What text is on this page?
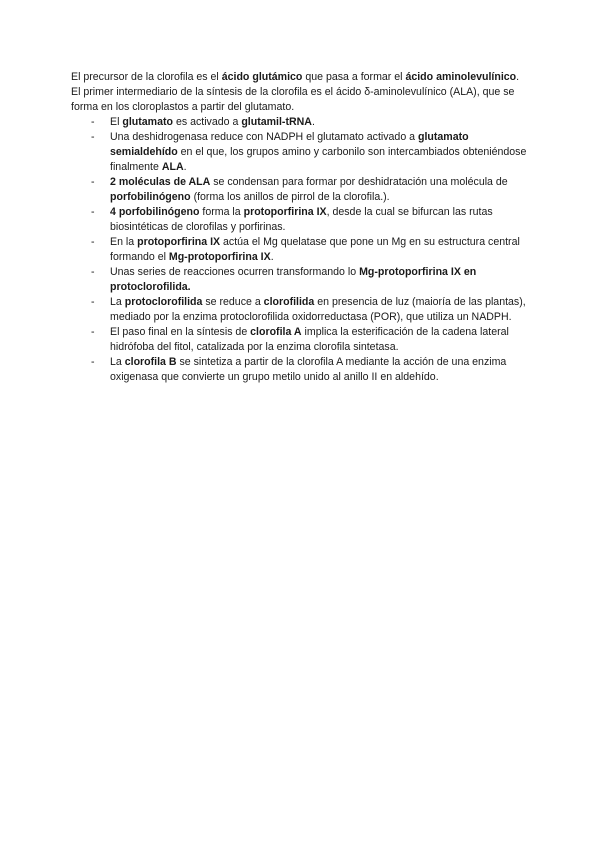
El precursor de la clorofila es el ácido glutámico que pasa a formar el ácido aminolevulínico. El primer intermediario de la síntesis de la clorofila es el ácido δ-aminolevulínico (ALA), que se forma en los cloroplastos a partir del glutamato.

- El glutamato es activado a glutamil-tRNA.
- Una deshidrogenasa reduce con NADPH el glutamato activado a glutamato semialdehído en el que, los grupos amino y carbonilo son intercambiados obteniéndose finalmente ALA.
- 2 moléculas de ALA se condensan para formar por deshidratación una molécula de porfobilinógeno (forma los anillos de pirrol de la clorofila.).
- 4 porfobilinógeno forma la protoporfirina IX, desde la cual se bifurcan las rutas biosintéticas de clorofilas y porfirinas.
- En la protoporfirina IX actúa el Mg quelatase que pone un Mg en su estructura central formando el Mg-protoporfirina IX.
- Unas series de reacciones ocurren transformando lo Mg-protoporfirina IX en protoclorofilida.
- La protoclorofilida se reduce a clorofilida en presencia de luz (maioría de las plantas), mediado por la enzima protoclorofilida oxidorreductasa (POR), que utiliza un NADPH.
- El paso final en la síntesis de clorofila A implica la esterificación de la cadena lateral hidrófoba del fitol, catalizada por la enzima clorofila sintetasa.
- La clorofila B se sintetiza a partir de la clorofila A mediante la acción de una enzima oxigenasa que convierte un grupo metilo unido al anillo II en aldehído.
